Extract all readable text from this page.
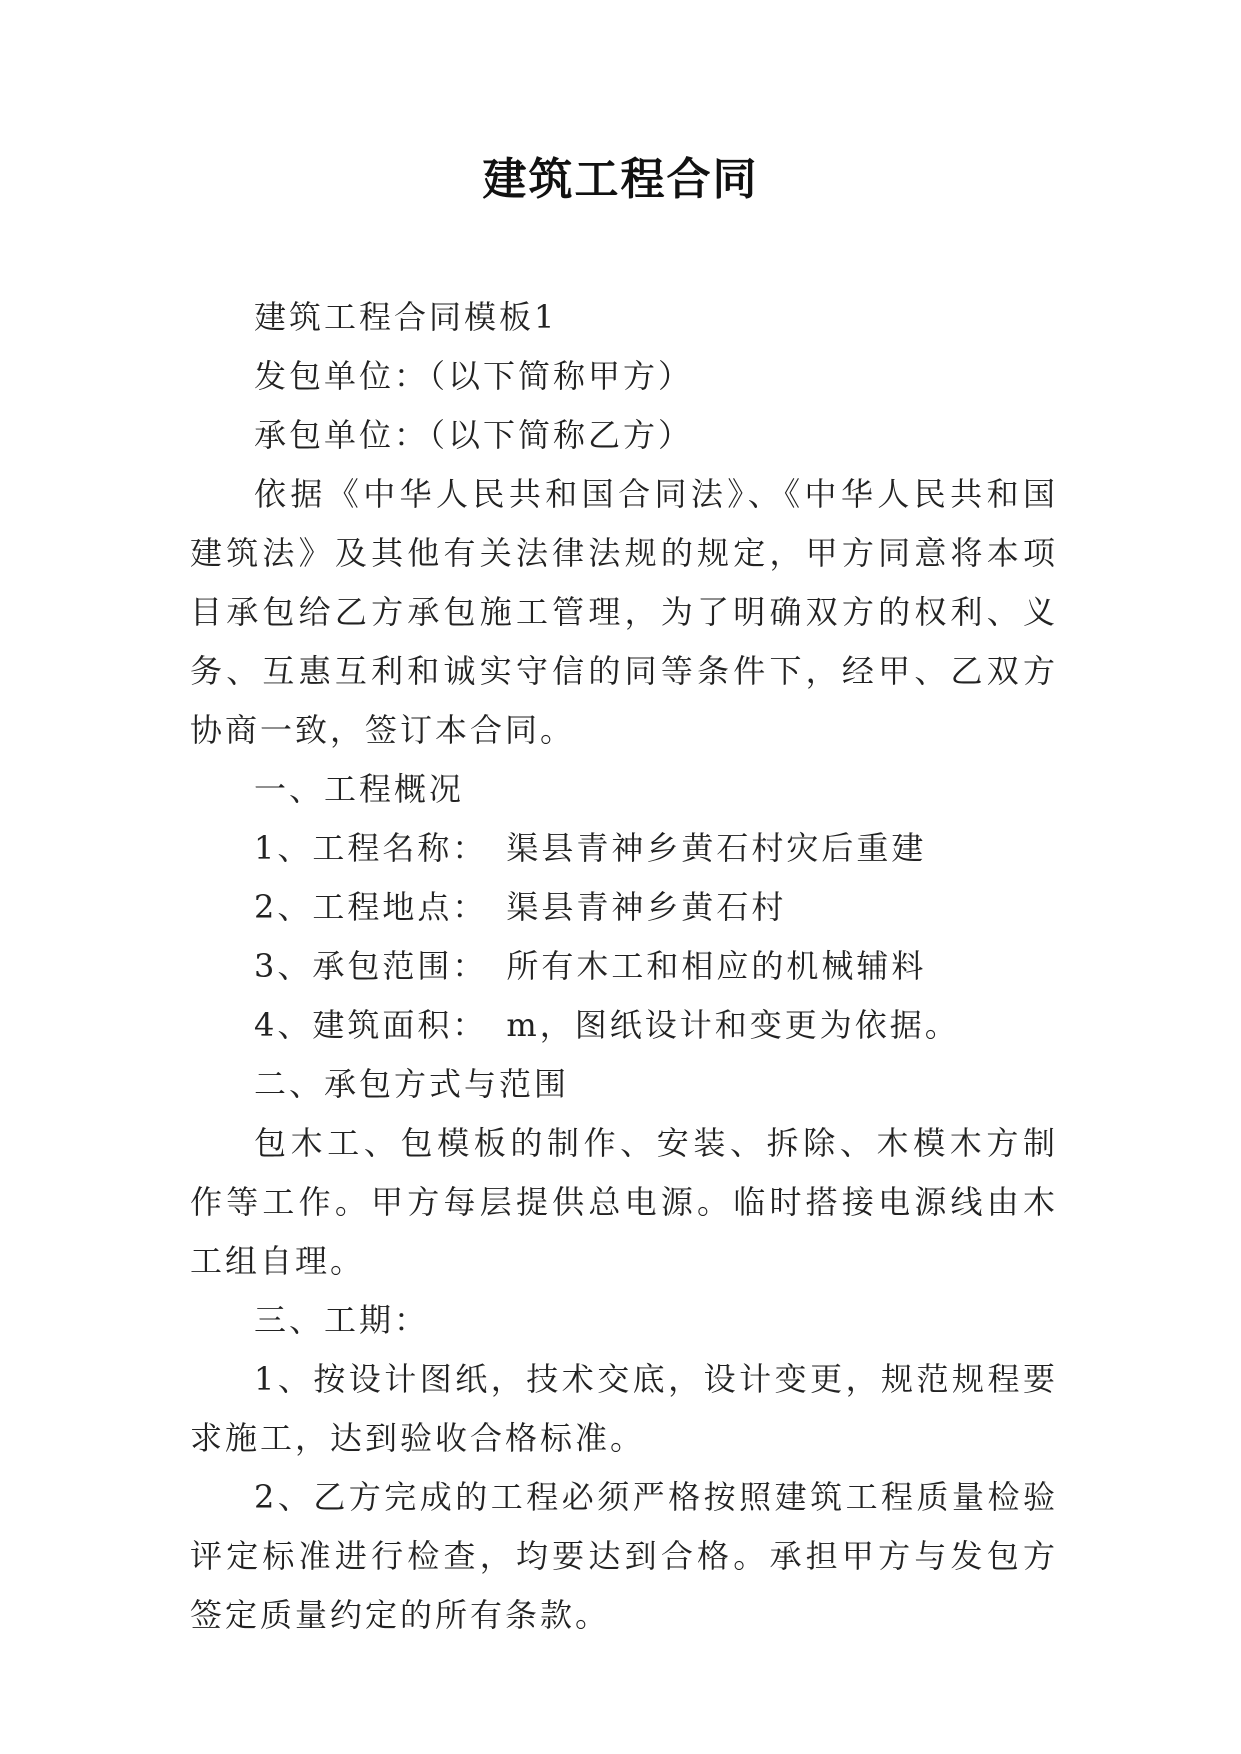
建筑工程合同

建筑工程合同模板1

发包单位：（以下简称甲方）

承包单位：（以下简称乙方）

依据《中华人民共和国合同法》、《中华人民共和国建筑法》及其他有关法律法规的规定，甲方同意将本项目承包给乙方承包施工管理，为了明确双方的权利、义务、互惠互利和诚实守信的同等条件下，经甲、乙双方协商一致，签订本合同。

一、工程概况

1、工程名称：　渠县青神乡黄石村灾后重建

2、工程地点：　渠县青神乡黄石村

3、承包范围：　所有木工和相应的机械辅料

4、建筑面积：　m，图纸设计和变更为依据。

二、承包方式与范围

包木工、包模板的制作、安装、拆除、木模木方制作等工作。甲方每层提供总电源。临时搭接电源线由木工组自理。

三、工期：

1、按设计图纸，技术交底，设计变更，规范规程要求施工，达到验收合格标准。

2、乙方完成的工程必须严格按照建筑工程质量检验评定标准进行检查，均要达到合格。承担甲方与发包方签定质量约定的所有条款。
